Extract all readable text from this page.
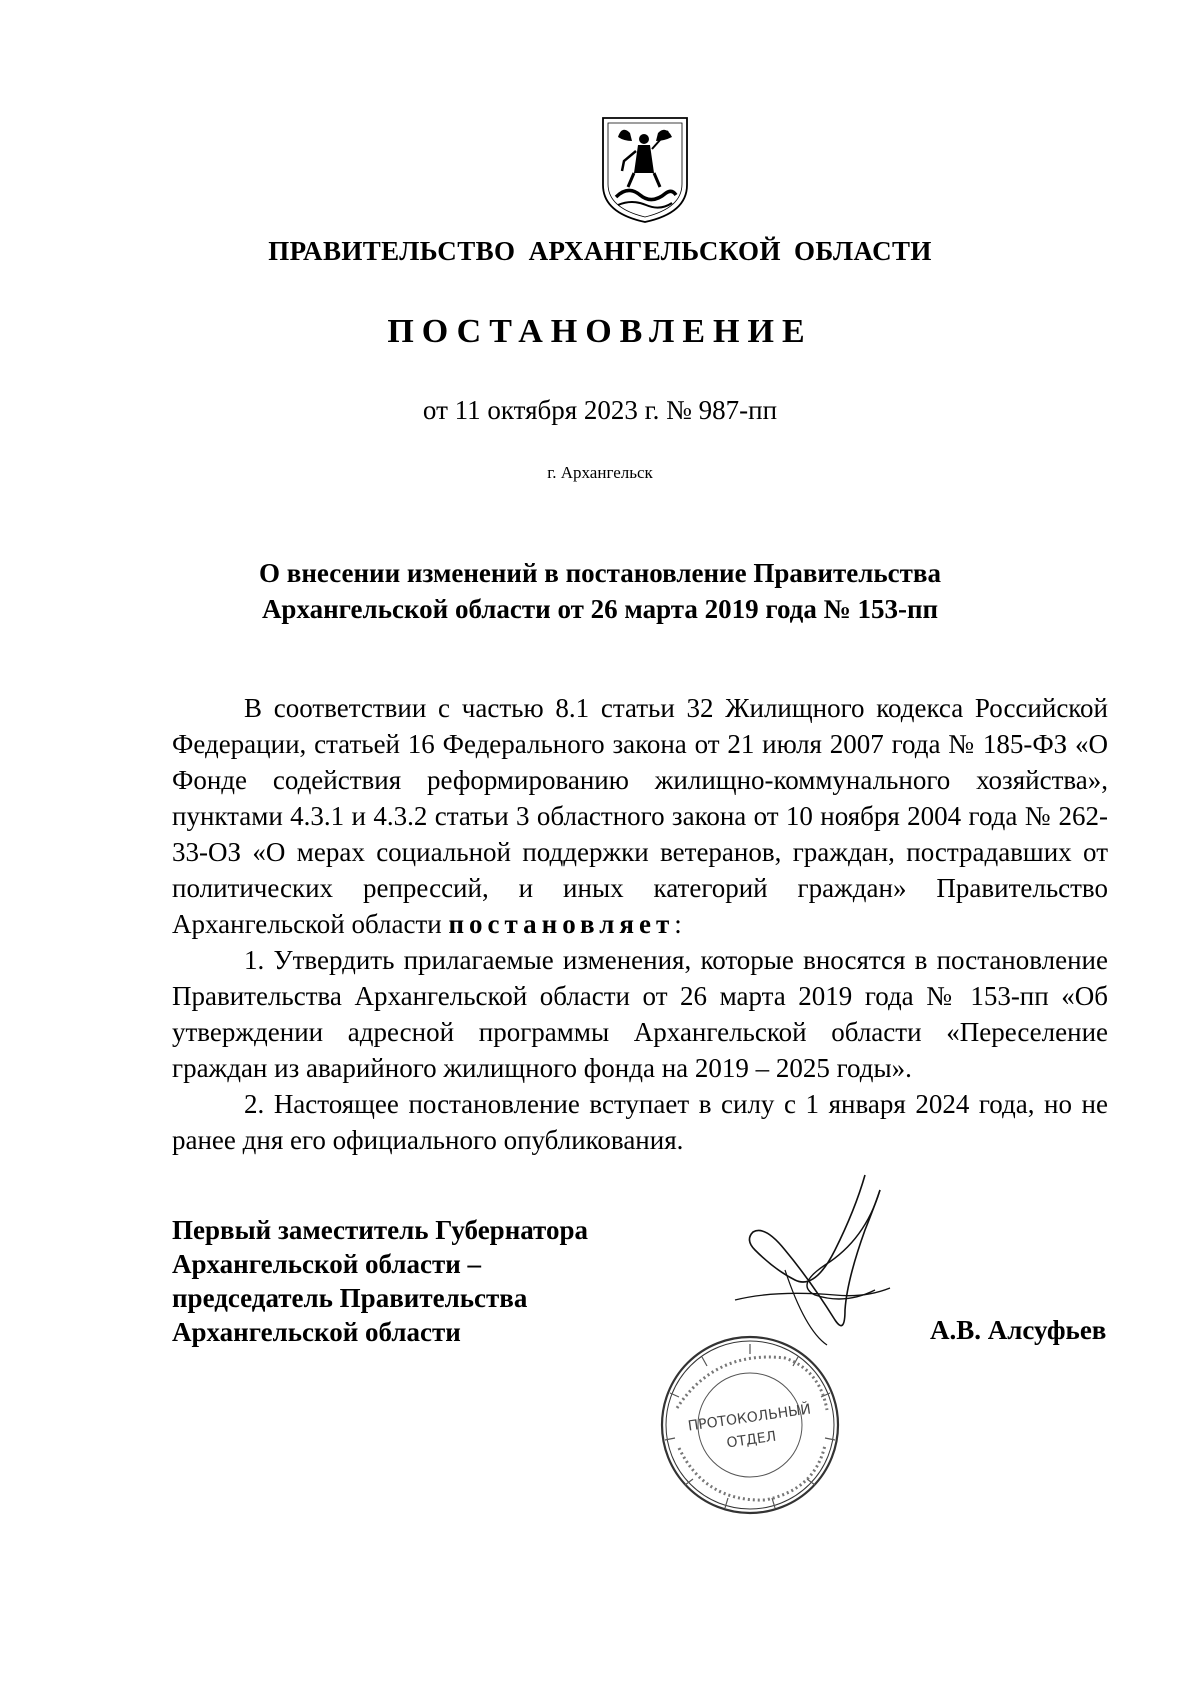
ПРАВИТЕЛЬСТВО АРХАНГЕЛЬСКОЙ ОБЛАСТИ
ПОСТАНОВЛЕНИЕ
от 11 октября 2023 г. № 987-пп
г. Архангельск
О внесении изменений в постановление Правительства
Архангельской области от 26 марта 2019 года № 153-пп

В соответствии с частью 8.1 статьи 32 Жилищного кодекса Российской Федерации, статьей 16 Федерального закона от 21 июля 2007 года № 185-ФЗ «О Фонде содействия реформированию жилищно-коммунального хозяйства», пунктами 4.3.1 и 4.3.2 статьи 3 областного закона от 10 ноября 2004 года № 262-33-ОЗ «О мерах социальной поддержки ветеранов, граждан, пострадавших от политических репрессий, и иных категорий граждан» Правительство Архангельской области постановляет:

1. Утвердить прилагаемые изменения, которые вносятся в постановление Правительства Архангельской области от 26 марта 2019 года № 153-пп «Об утверждении адресной программы Архангельской области «Переселение граждан из аварийного жилищного фонда на 2019 – 2025 годы».

2. Настоящее постановление вступает в силу с 1 января 2024 года, но не ранее дня его официального опубликования.

Первый заместитель Губернатора
Архангельской области –
председатель Правительства
Архангельской области	А.В. Алсуфьев
ПРОТОКОЛЬНЫЙ
ОТДЕЛ
